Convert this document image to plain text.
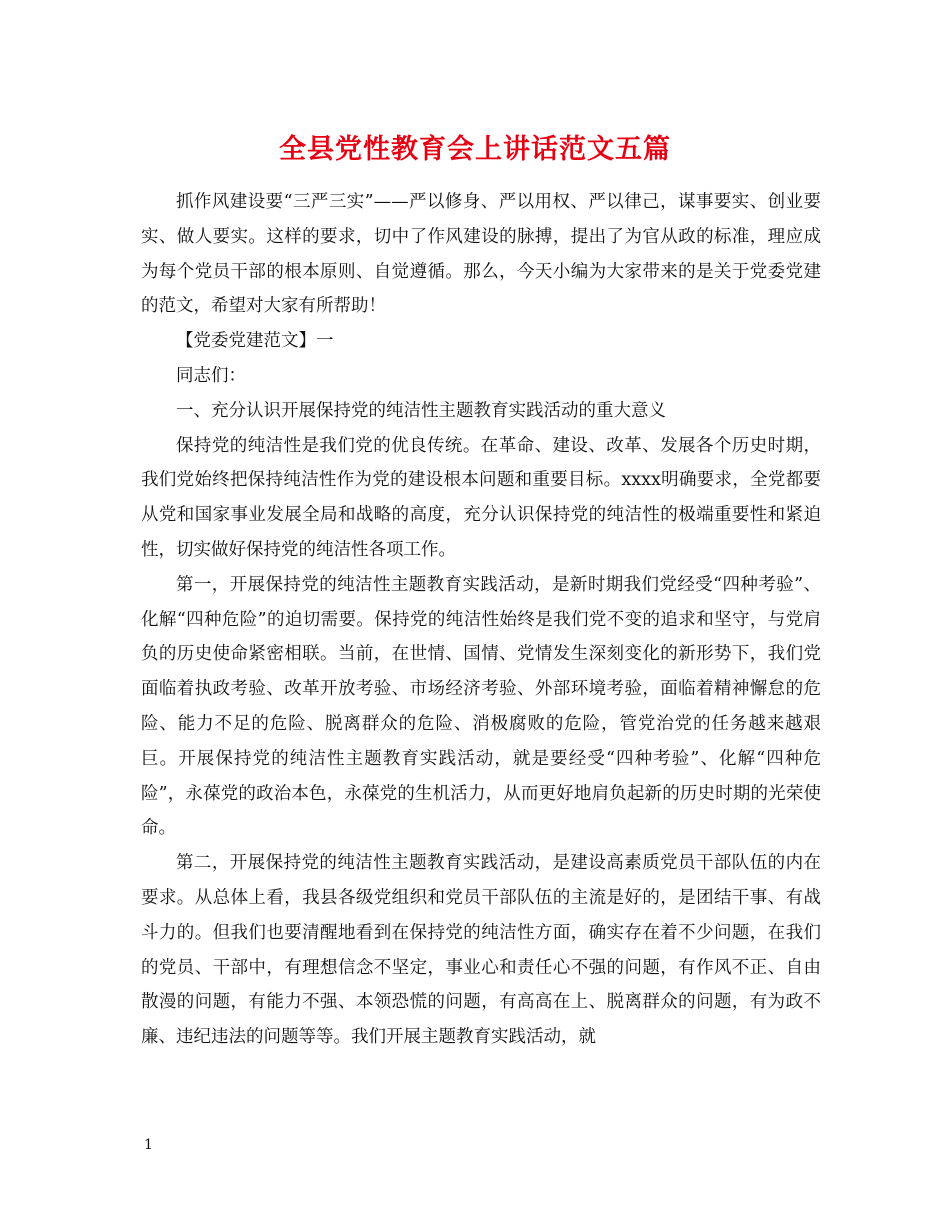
全县党性教育会上讲话范文五篇

抓作风建设要“三严三实”——严以修身、严以用权、严以律己，谋事要实、创业要实、做人要实。这样的要求，切中了作风建设的脉搏，提出了为官从政的标准，理应成为每个党员干部的根本原则、自觉遵循。那么，今天小编为大家带来的是关于党委党建的范文，希望对大家有所帮助！

【党委党建范文】一

同志们：

一、充分认识开展保持党的纯洁性主题教育实践活动的重大意义

保持党的纯洁性是我们党的优良传统。在革命、建设、改革、发展各个历史时期，我们党始终把保持纯洁性作为党的建设根本问题和重要目标。xxxx明确要求，全党都要从党和国家事业发展全局和战略的高度，充分认识保持党的纯洁性的极端重要性和紧迫性，切实做好保持党的纯洁性各项工作。

第一，开展保持党的纯洁性主题教育实践活动，是新时期我们党经受“四种考验”、化解“四种危险”的迫切需要。保持党的纯洁性始终是我们党不变的追求和坚守，与党肩负的历史使命紧密相联。当前，在世情、国情、党情发生深刻变化的新形势下，我们党面临着执政考验、改革开放考验、市场经济考验、外部环境考验，面临着精神懈怠的危险、能力不足的危险、脱离群众的危险、消极腐败的危险，管党治党的任务越来越艰巨。开展保持党的纯洁性主题教育实践活动，就是要经受“四种考验”、化解“四种危险”，永葆党的政治本色，永葆党的生机活力，从而更好地肩负起新的历史时期的光荣使命。

第二，开展保持党的纯洁性主题教育实践活动，是建设高素质党员干部队伍的内在要求。从总体上看，我县各级党组织和党员干部队伍的主流是好的，是团结干事、有战斗力的。但我们也要清醒地看到在保持党的纯洁性方面，确实存在着不少问题，在我们的党员、干部中，有理想信念不坚定，事业心和责任心不强的问题，有作风不正、自由散漫的问题，有能力不强、本领恐慌的问题，有高高在上、脱离群众的问题，有为政不廉、违纪违法的问题等等。我们开展主题教育实践活动，就

1
